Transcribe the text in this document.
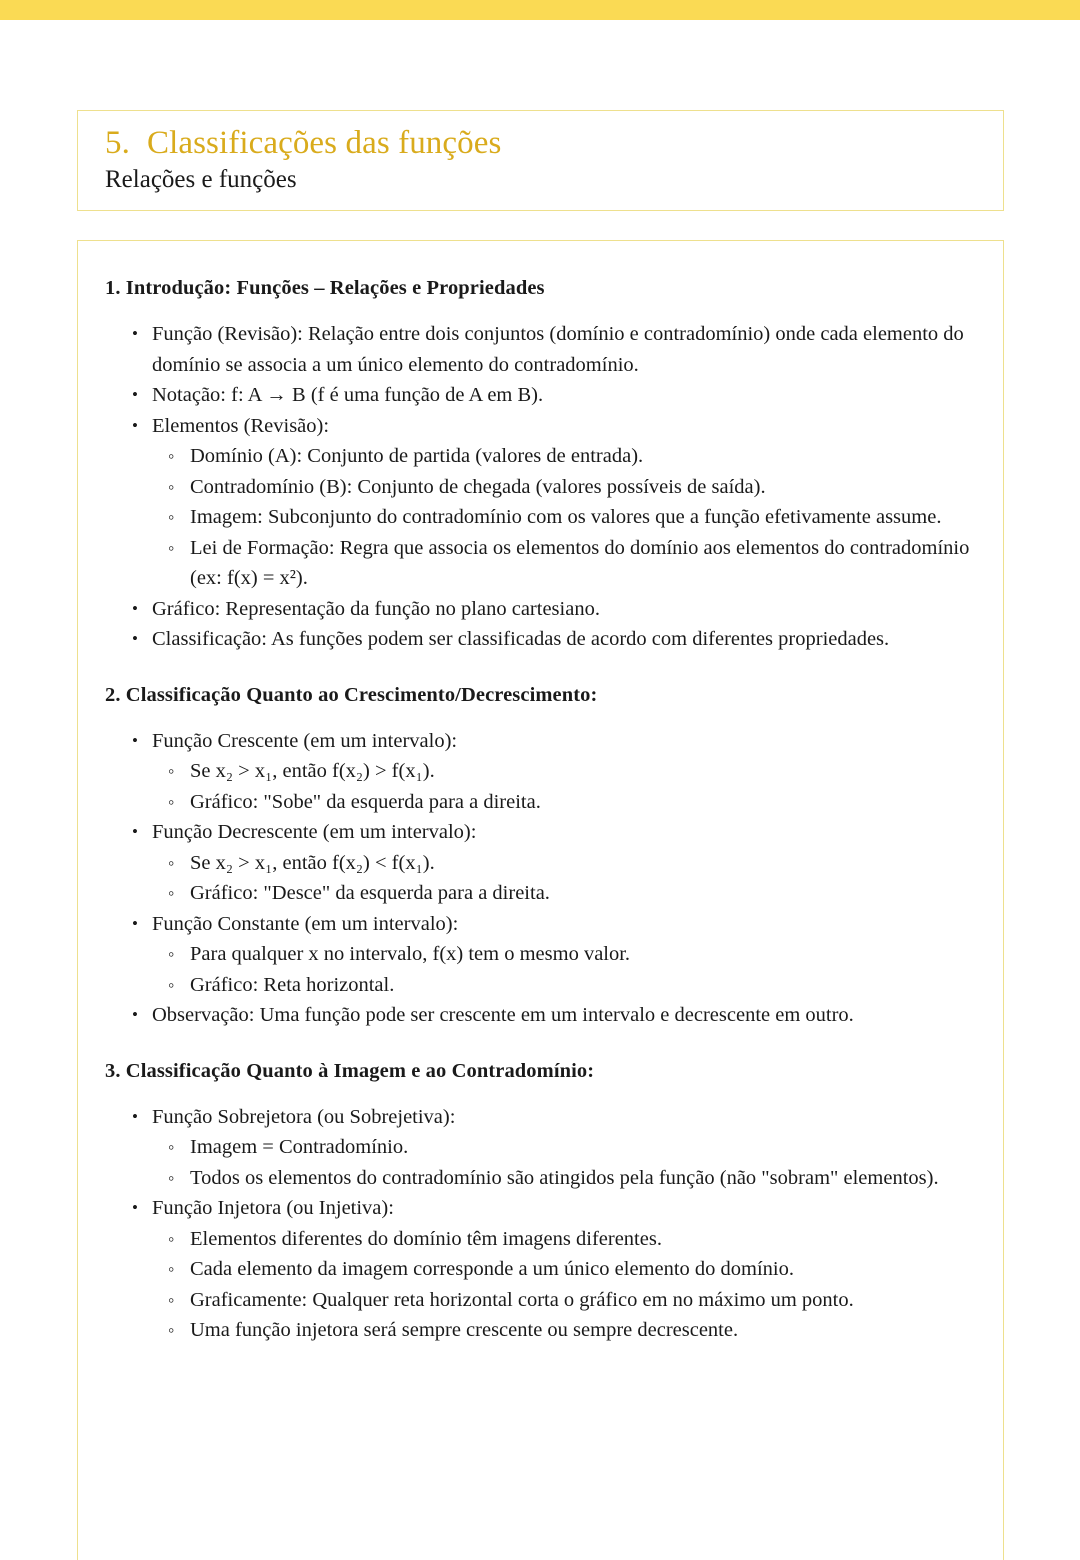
5. Classificações das funções
Relações e funções
1. Introdução: Funções – Relações e Propriedades
• Função (Revisão): Relação entre dois conjuntos (domínio e contradomínio) onde cada elemento do domínio se associa a um único elemento do contradomínio.
• Notação: f: A → B (f é uma função de A em B).
• Elementos (Revisão):
◦ Domínio (A): Conjunto de partida (valores de entrada).
◦ Contradomínio (B): Conjunto de chegada (valores possíveis de saída).
◦ Imagem: Subconjunto do contradomínio com os valores que a função efetivamente assume.
◦ Lei de Formação: Regra que associa os elementos do domínio aos elementos do contradomínio (ex: f(x) = x²).
• Gráfico: Representação da função no plano cartesiano.
• Classificação: As funções podem ser classificadas de acordo com diferentes propriedades.
2. Classificação Quanto ao Crescimento/Decrescimento:
• Função Crescente (em um intervalo):
◦ Se x₂ > x₁, então f(x₂) > f(x₁).
◦ Gráfico: "Sobe" da esquerda para a direita.
• Função Decrescente (em um intervalo):
◦ Se x₂ > x₁, então f(x₂) < f(x₁).
◦ Gráfico: "Desce" da esquerda para a direita.
• Função Constante (em um intervalo):
◦ Para qualquer x no intervalo, f(x) tem o mesmo valor.
◦ Gráfico: Reta horizontal.
• Observação: Uma função pode ser crescente em um intervalo e decrescente em outro.
3. Classificação Quanto à Imagem e ao Contradomínio:
• Função Sobrejetora (ou Sobrejetiva):
◦ Imagem = Contradomínio.
◦ Todos os elementos do contradomínio são atingidos pela função (não "sobram" elementos).
• Função Injetora (ou Injetiva):
◦ Elementos diferentes do domínio têm imagens diferentes.
◦ Cada elemento da imagem corresponde a um único elemento do domínio.
◦ Graficamente: Qualquer reta horizontal corta o gráfico em no máximo um ponto.
◦ Uma função injetora será sempre crescente ou sempre decrescente.
